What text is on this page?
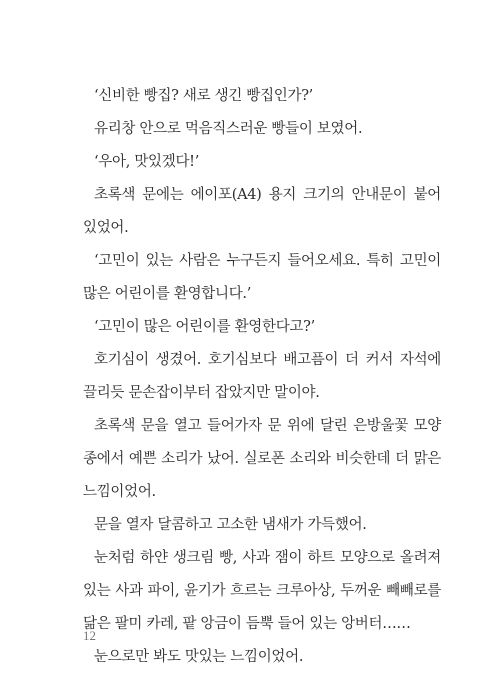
‘신비한 빵집? 새로 생긴 빵집인가?’

유리창 안으로 먹음직스러운 빵들이 보였어.

‘우아, 맛있겠다!’

초록색 문에는 에이포(A4) 용지 크기의 안내문이 붙어 있었어.

‘고민이 있는 사람은 누구든지 들어오세요. 특히 고민이 많은 어린이를 환영합니다.’

‘고민이 많은 어린이를 환영한다고?’

호기심이 생겼어. 호기심보다 배고픔이 더 커서 자석에 끌리듯 문손잡이부터 잡았지만 말이야.

초록색 문을 열고 들어가자 문 위에 달린 은방울꽃 모양 종에서 예쁜 소리가 났어. 실로폰 소리와 비슷한데 더 맑은 느낌이었어.

문을 열자 달콤하고 고소한 냄새가 가득했어.

눈처럼 하얀 생크림 빵, 사과 잼이 하트 모양으로 올려져 있는 사과 파이, 윤기가 흐르는 크루아상, 두꺼운 빼빼로를 닮은 팔미 카레, 팥 앙금이 듬뿍 들어 있는 앙버터……

눈으로만 봐도 맛있는 느낌이었어.

12
